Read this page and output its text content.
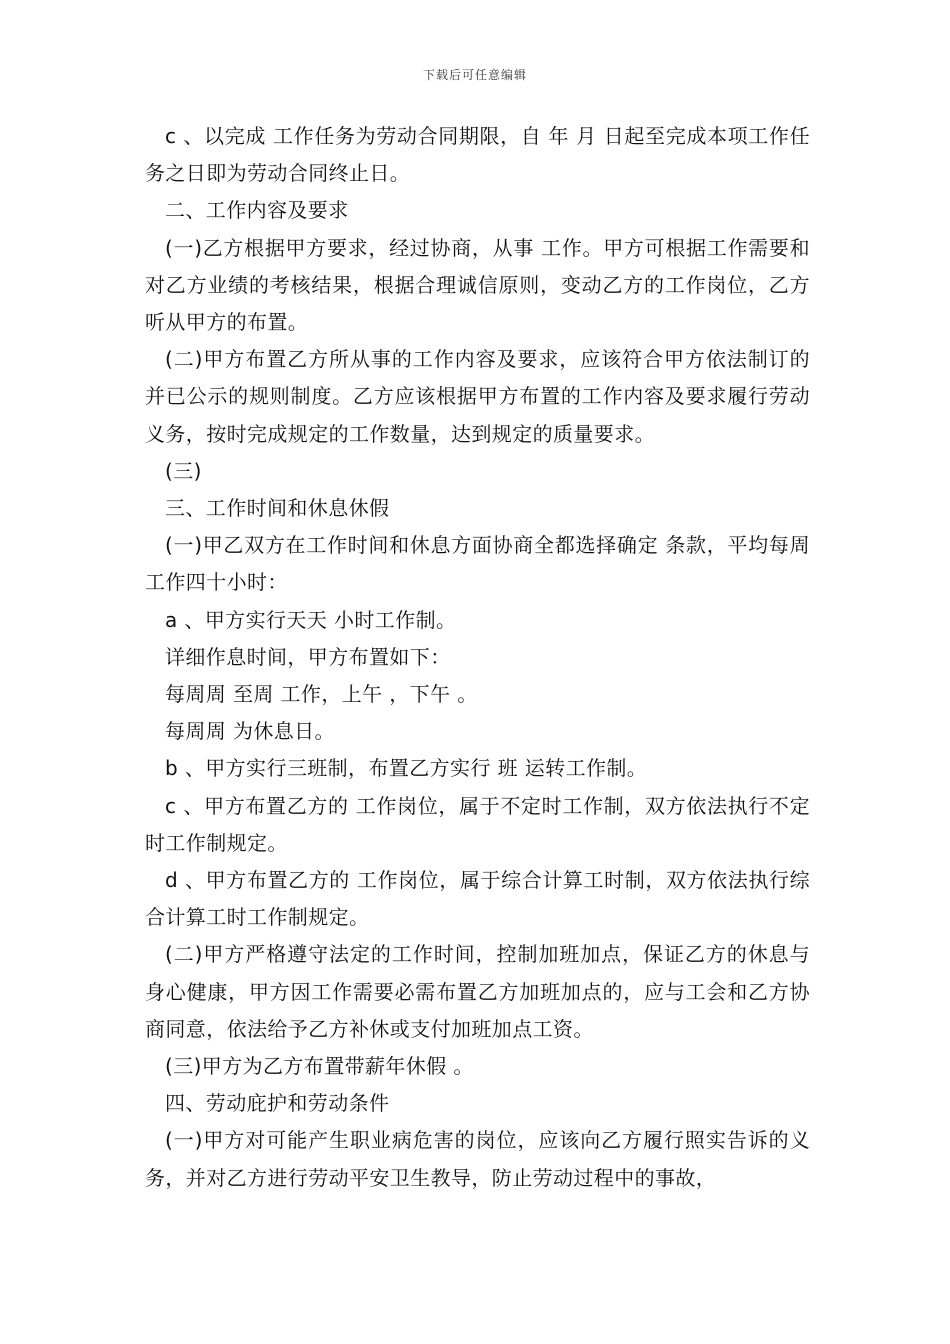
下载后可任意编辑

c 、以完成 工作任务为劳动合同期限，自 年 月 日起至完成本项工作任务之日即为劳动合同终止日。

二、工作内容及要求

(一)乙方根据甲方要求，经过协商，从事 工作。甲方可根据工作需要和对乙方业绩的考核结果，根据合理诚信原则，变动乙方的工作岗位，乙方听从甲方的布置。

(二)甲方布置乙方所从事的工作内容及要求，应该符合甲方依法制订的并已公示的规则制度。乙方应该根据甲方布置的工作内容及要求履行劳动义务，按时完成规定的工作数量，达到规定的质量要求。

(三)

三、工作时间和休息休假

(一)甲乙双方在工作时间和休息方面协商全都选择确定 条款，平均每周工作四十小时：

a 、甲方实行天天 小时工作制。

详细作息时间，甲方布置如下：

每周周 至周 工作，上午 ，下午 。

每周周 为休息日。

b 、甲方实行三班制，布置乙方实行 班 运转工作制。

c 、甲方布置乙方的 工作岗位，属于不定时工作制，双方依法执行不定时工作制规定。

d 、甲方布置乙方的 工作岗位，属于综合计算工时制，双方依法执行综合计算工时工作制规定。

(二)甲方严格遵守法定的工作时间，控制加班加点，保证乙方的休息与身心健康，甲方因工作需要必需布置乙方加班加点的，应与工会和乙方协商同意，依法给予乙方补休或支付加班加点工资。

(三)甲方为乙方布置带薪年休假 。

四、劳动庇护和劳动条件

(一)甲方对可能产生职业病危害的岗位，应该向乙方履行照实告诉的义务，并对乙方进行劳动平安卫生教导，防止劳动过程中的事故，
